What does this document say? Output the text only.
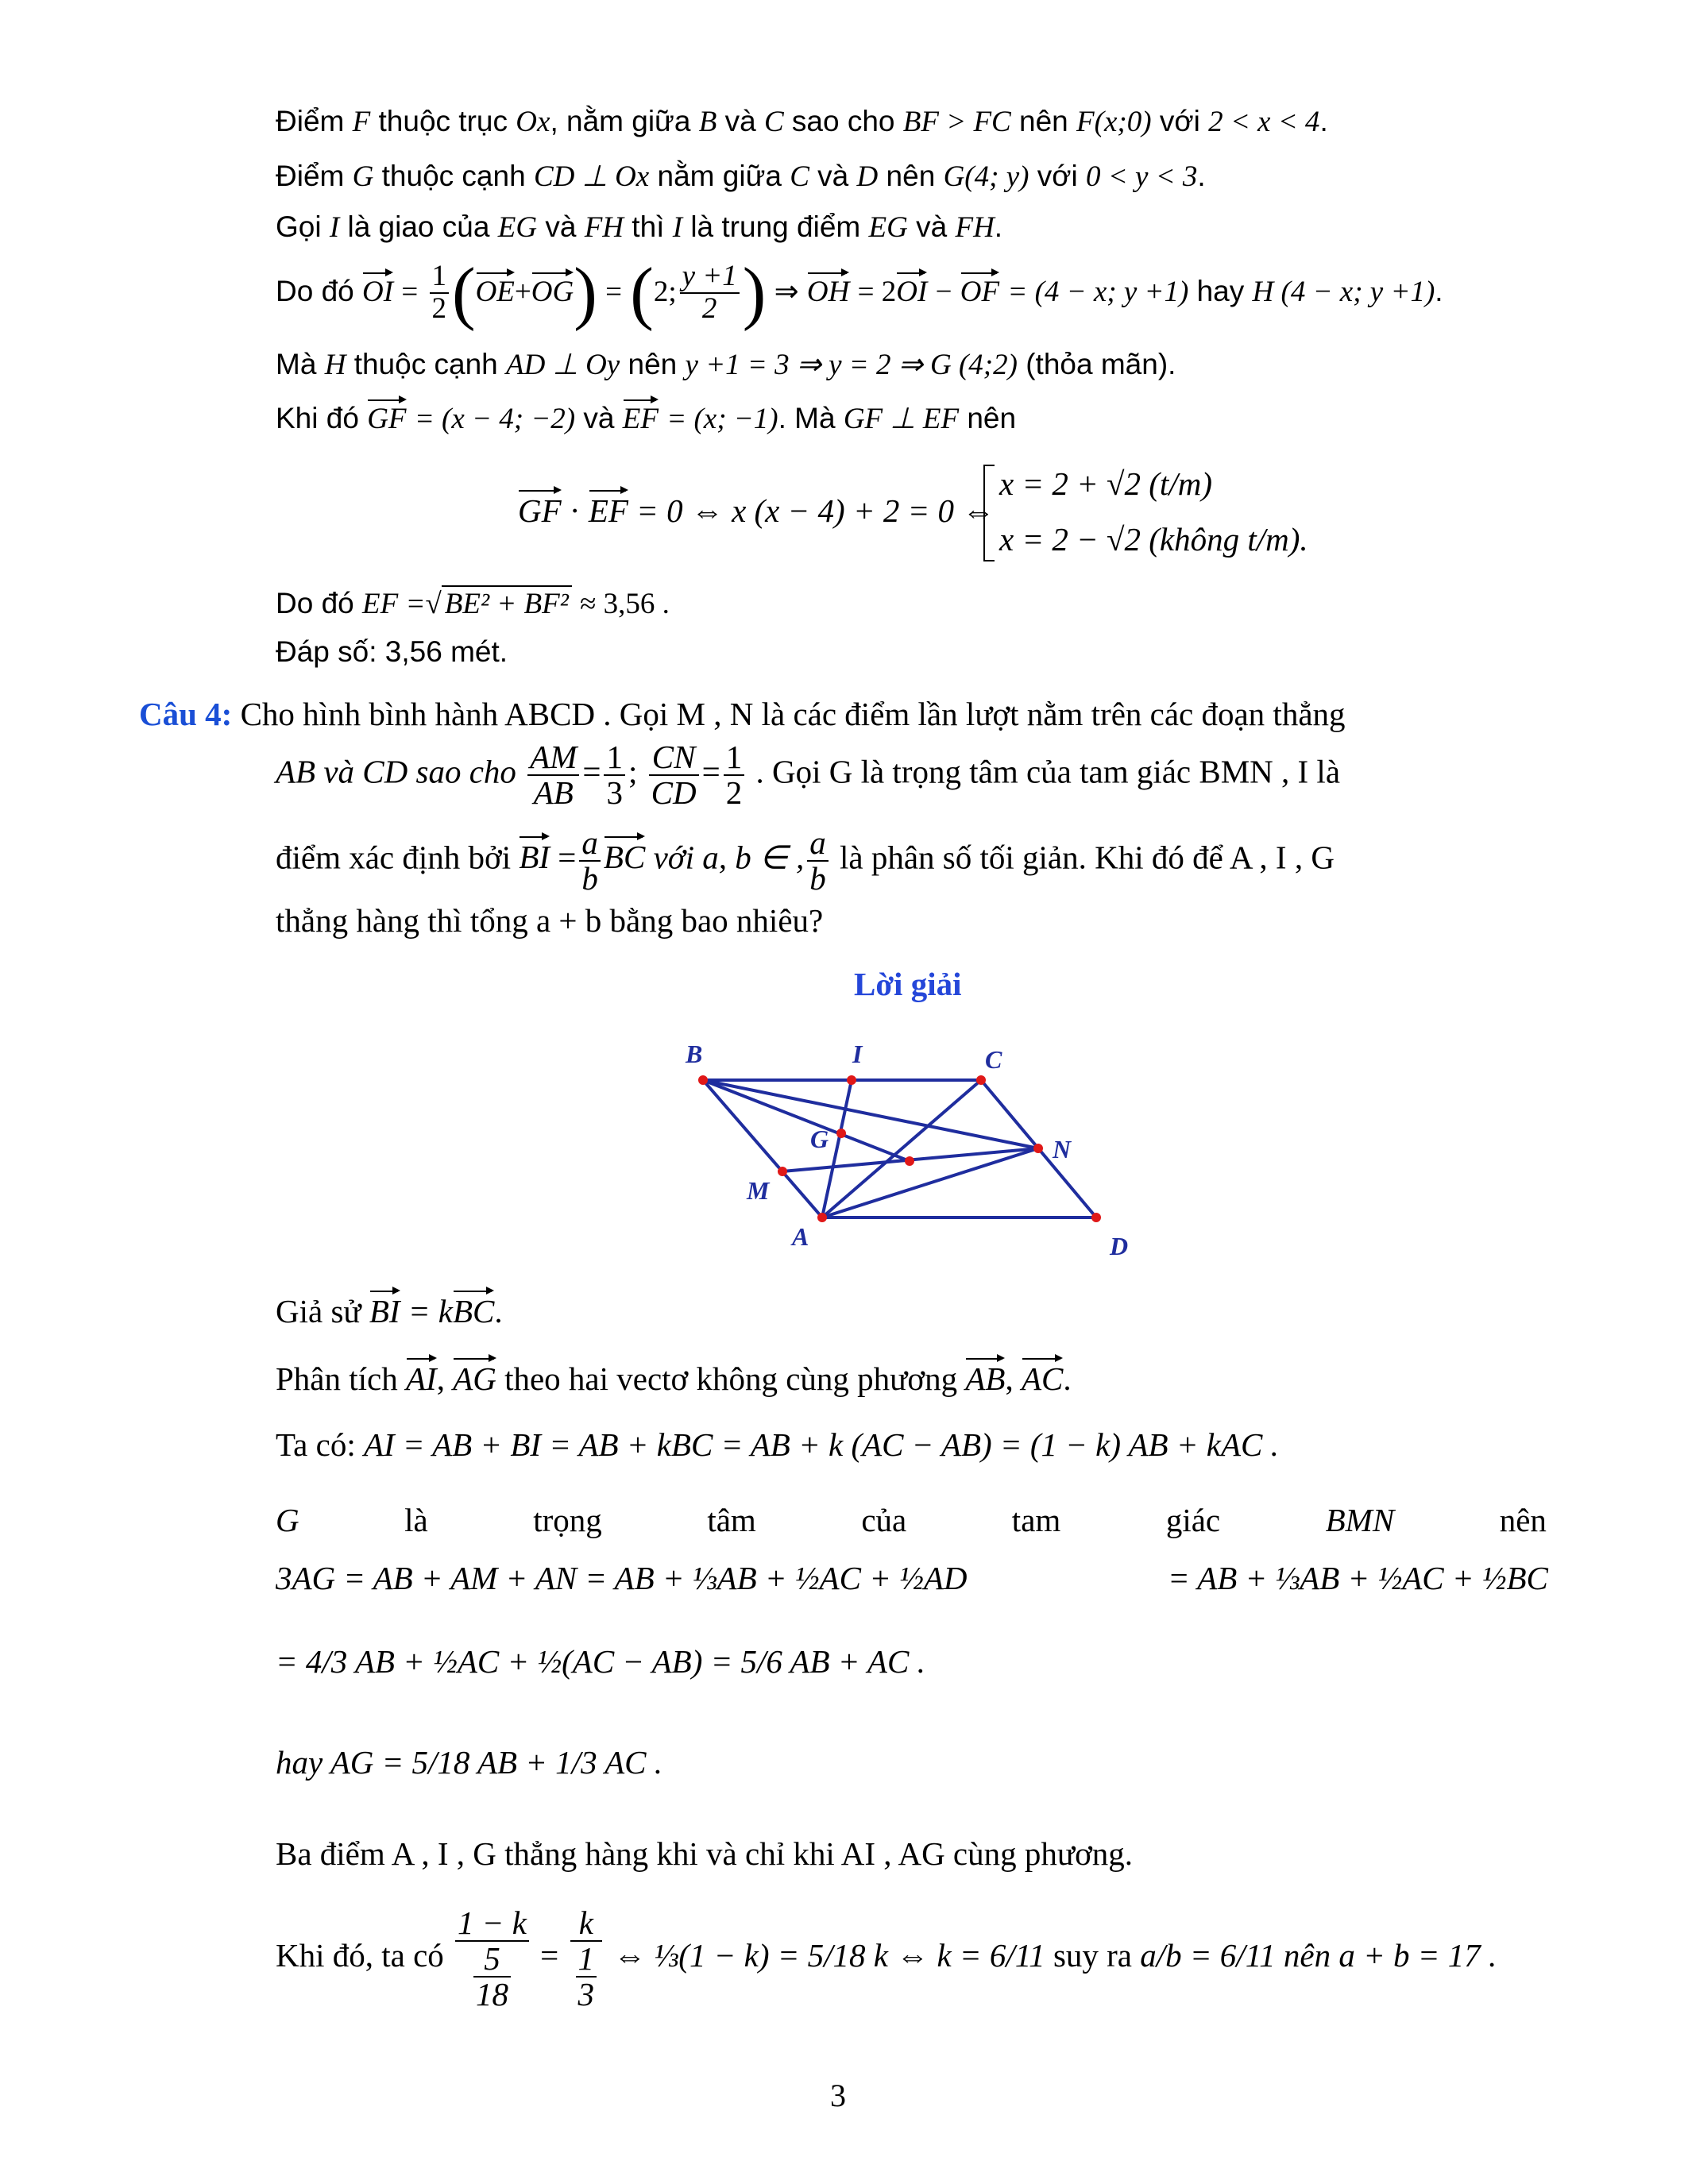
Điểm F thuộc trục Ox, nằm giữa B và C sao cho BF > FC nên F(x;0) với 2 < x < 4.
Điểm G thuộc cạnh CD ⊥ Ox nằm giữa C và D nên G(4; y) với 0 < y < 3.
Gọi I là giao của EG và FH thì I là trung điểm EG và FH.
Do đó OI = $\frac{1}{2} (OE+OG) = (2$; $\frac{y +1}{2}$ ) ⇒ OH = 2OI − OF = (4 − x; y +1) hay H (4 − x; y +1).
Mà H thuộc cạnh AD ⊥ Oy nên y +1 = 3 ⇒ y = 2 ⇒ G (4;2) (thỏa mãn).
Khi đó GF = (x − 4; −2) và EF = (x; −1). Mà GF ⊥ EF nên
GF · EF = 0 ⇔ x (x − 4) + 2 = 0 ⇔
x = 2 + √2 (t/m)
x = 2 − √2 (không t/m).
Do đó EF =√ BE² + BF² ≈ 3,56 .
Đáp số: 3,56 mét.
Câu 4: Cho hình bình hành ABCD . Gọi M , N là các điểm lần lượt nằm trên các đoạn thẳng
AB và CD sao cho $\frac{AM}{AB} = \frac{1}{3}$ ; $\frac{CN}{CD} = \frac{1}{2}$ . Gọi G là trọng tâm của tam giác BMN , I là
điểm xác định bởi BI = $\frac{a}{b}$ BC với a, b ∈ , $\frac{a}{b}$ là phân số tối giản. Khi đó để A , I , G
thẳng hàng thì tổng a + b bằng bao nhiêu?
Lời giải
B	I	C
G	N
M
A	D
Giả sử BI = kBC.
Phân tích AI, AG theo hai vectơ không cùng phương AB, AC.
Ta có: AI = AB + BI = AB + kBC = AB + k (AC − AB) = (1 − k) AB + kAC .
G	là	trọng	tâm	của	tam	giác	BMN	nên
3AG = AB + AM + AN = AB + ⅓AB + ½AC + ½AD	= AB + ⅓AB + ½AC + ½BC
= 4/3 AB + ½AC + ½(AC − AB) = 5/6 AB + AC .
hay AG = 5/18 AB + 1/3 AC .
Ba điểm A , I , G thẳng hàng khi và chỉ khi AI , AG cùng phương.
Khi đó, ta có $\frac{1 - k}{\frac{5}{18}} = \frac{k}{\frac{1}{3}}$ ⇔ ⅓(1 − k) = 5/18 k ⇔ k = 6/11 suy ra a/b = 6/11 nên a + b = 17 .
3
